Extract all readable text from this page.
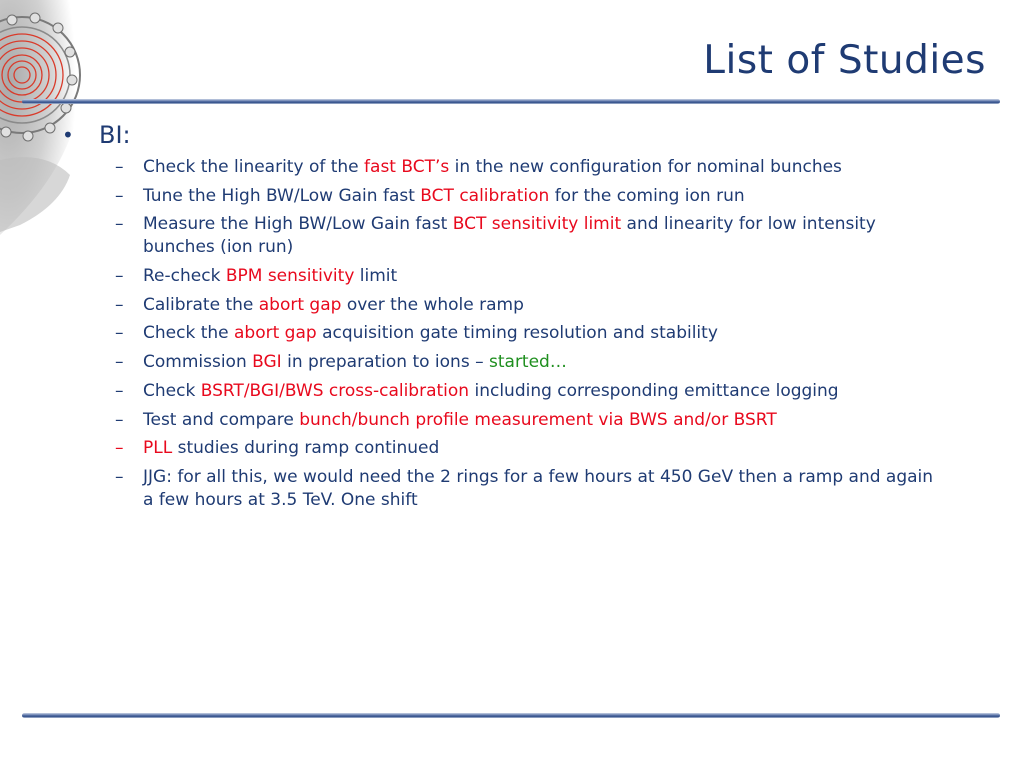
List of Studies
•	BI:
–	Check the linearity of the fast BCT’s in the new configuration for nominal bunches
–	Tune the High BW/Low Gain fast BCT calibration for the coming ion run
–	Measure the High BW/Low Gain fast BCT sensitivity limit and linearity for low intensity bunches (ion run)
–	Re-check BPM sensitivity limit
–	Calibrate the abort gap over the whole ramp
–	Check the abort gap acquisition gate timing resolution and stability
–	Commission BGI in preparation to ions – started…
–	Check BSRT/BGI/BWS cross-calibration including corresponding emittance logging
–	Test and compare bunch/bunch profile measurement via BWS and/or BSRT
–	PLL studies during ramp continued
–	JJG: for all this, we would need the 2 rings for a few hours at 450 GeV then a ramp and again a few hours at 3.5 TeV. One shift
